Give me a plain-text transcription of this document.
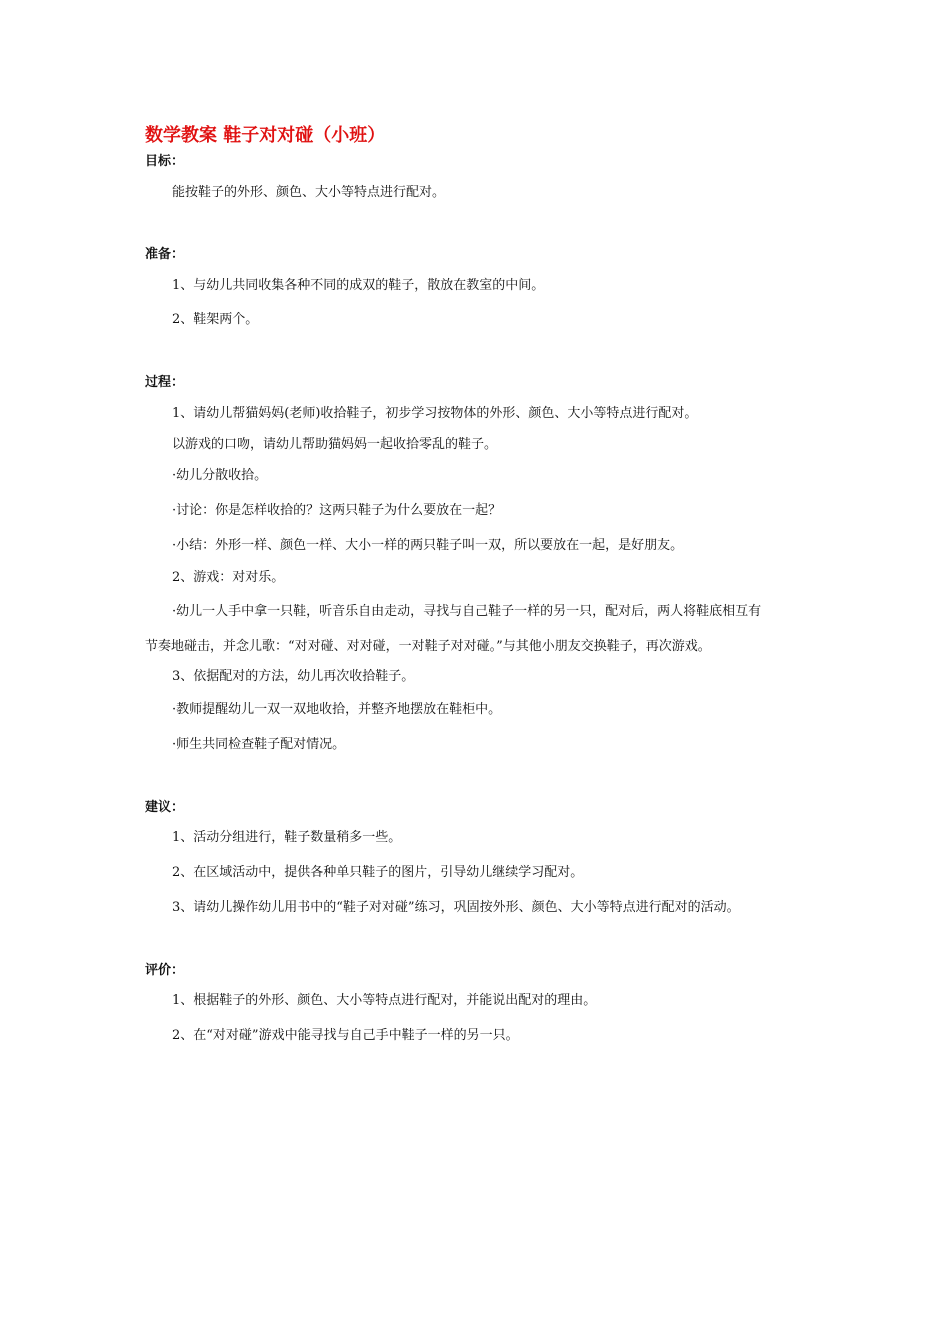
数学教案 鞋子对对碰（小班）
目标：
能按鞋子的外形、颜色、大小等特点进行配对。
准备：
1、与幼儿共同收集各种不同的成双的鞋子，散放在教室的中间。
2、鞋架两个。
过程：
1、请幼儿帮猫妈妈(老师)收拾鞋子，初步学习按物体的外形、颜色、大小等特点进行配对。
以游戏的口吻，请幼儿帮助猫妈妈一起收拾零乱的鞋子。
·幼儿分散收拾。
·讨论：你是怎样收拾的？这两只鞋子为什么要放在一起？
·小结：外形一样、颜色一样、大小一样的两只鞋子叫一双，所以要放在一起，是好朋友。
2、游戏：对对乐。
·幼儿一人手中拿一只鞋，听音乐自由走动，寻找与自己鞋子一样的另一只，配对后，两人将鞋底相互有
节奏地碰击，并念儿歌：“对对碰、对对碰，一对鞋子对对碰。”与其他小朋友交换鞋子，再次游戏。
3、依据配对的方法，幼儿再次收拾鞋子。
·教师提醒幼儿一双一双地收拾，并整齐地摆放在鞋柜中。
·师生共同检查鞋子配对情况。
建议：
1、活动分组进行，鞋子数量稍多一些。
2、在区域活动中，提供各种单只鞋子的图片，引导幼儿继续学习配对。
3、请幼儿操作幼儿用书中的“鞋子对对碰”练习，巩固按外形、颜色、大小等特点进行配对的活动。
评价：
1、根据鞋子的外形、颜色、大小等特点进行配对，并能说出配对的理由。
2、在“对对碰”游戏中能寻找与自己手中鞋子一样的另一只。
